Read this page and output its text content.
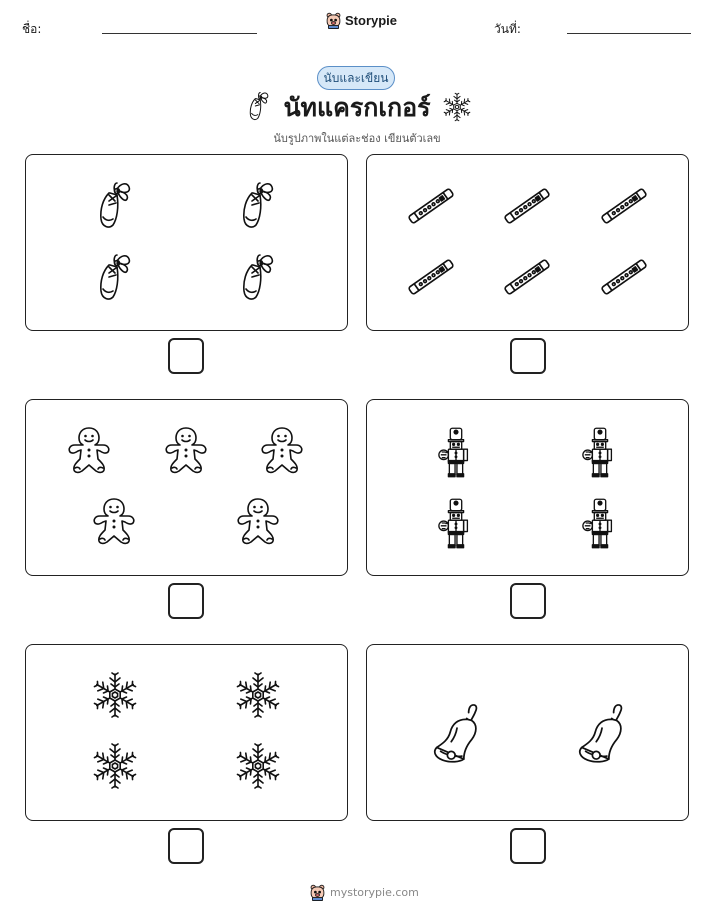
ชื่อ:
Storypie
วันที่:
นับและเขียน
นัทแครกเกอร์
นับรูปภาพในแต่ละช่อง เขียนตัวเลข
mystorypie.com
